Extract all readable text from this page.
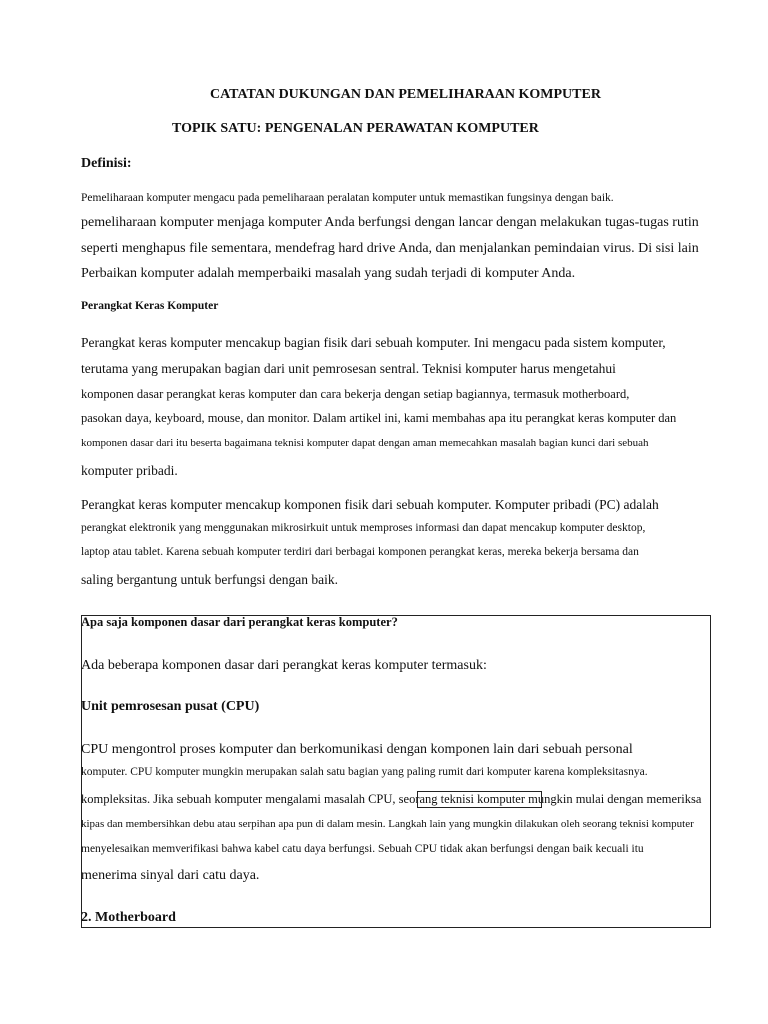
CATATAN DUKUNGAN DAN PEMELIHARAAN KOMPUTER
TOPIK SATU: PENGENALAN PERAWATAN KOMPUTER
Definisi:
Pemeliharaan komputer mengacu pada pemeliharaan peralatan komputer untuk memastikan fungsinya dengan baik.
pemeliharaan komputer menjaga komputer Anda berfungsi dengan lancar dengan melakukan tugas-tugas rutin
seperti menghapus file sementara, mendefrag hard drive Anda, dan menjalankan pemindaian virus. Di sisi lain
Perbaikan komputer adalah memperbaiki masalah yang sudah terjadi di komputer Anda.
Perangkat Keras Komputer
Perangkat keras komputer mencakup bagian fisik dari sebuah komputer. Ini mengacu pada sistem komputer,
terutama yang merupakan bagian dari unit pemrosesan sentral. Teknisi komputer harus mengetahui
komponen dasar perangkat keras komputer dan cara bekerja dengan setiap bagiannya, termasuk motherboard,
pasokan daya, keyboard, mouse, dan monitor. Dalam artikel ini, kami membahas apa itu perangkat keras komputer dan
komponen dasar dari itu beserta bagaimana teknisi komputer dapat dengan aman memecahkan masalah bagian kunci dari sebuah
komputer pribadi.
Perangkat keras komputer mencakup komponen fisik dari sebuah komputer. Komputer pribadi (PC) adalah
perangkat elektronik yang menggunakan mikrosirkuit untuk memproses informasi dan dapat mencakup komputer desktop,
laptop atau tablet. Karena sebuah komputer terdiri dari berbagai komponen perangkat keras, mereka bekerja bersama dan
saling bergantung untuk berfungsi dengan baik.
Apa saja komponen dasar dari perangkat keras komputer?
Ada beberapa komponen dasar dari perangkat keras komputer termasuk:
Unit pemrosesan pusat (CPU)
CPU mengontrol proses komputer dan berkomunikasi dengan komponen lain dari sebuah personal
komputer. CPU komputer mungkin merupakan salah satu bagian yang paling rumit dari komputer karena kompleksitasnya.
kompleksitas. Jika sebuah komputer mengalami masalah CPU, seorang teknisi komputer mungkin mulai dengan memeriksa
kipas dan membersihkan debu atau serpihan apa pun di dalam mesin. Langkah lain yang mungkin dilakukan oleh seorang teknisi komputer
menyelesaikan memverifikasi bahwa kabel catu daya berfungsi. Sebuah CPU tidak akan berfungsi dengan baik kecuali itu
menerima sinyal dari catu daya.
2. Motherboard
